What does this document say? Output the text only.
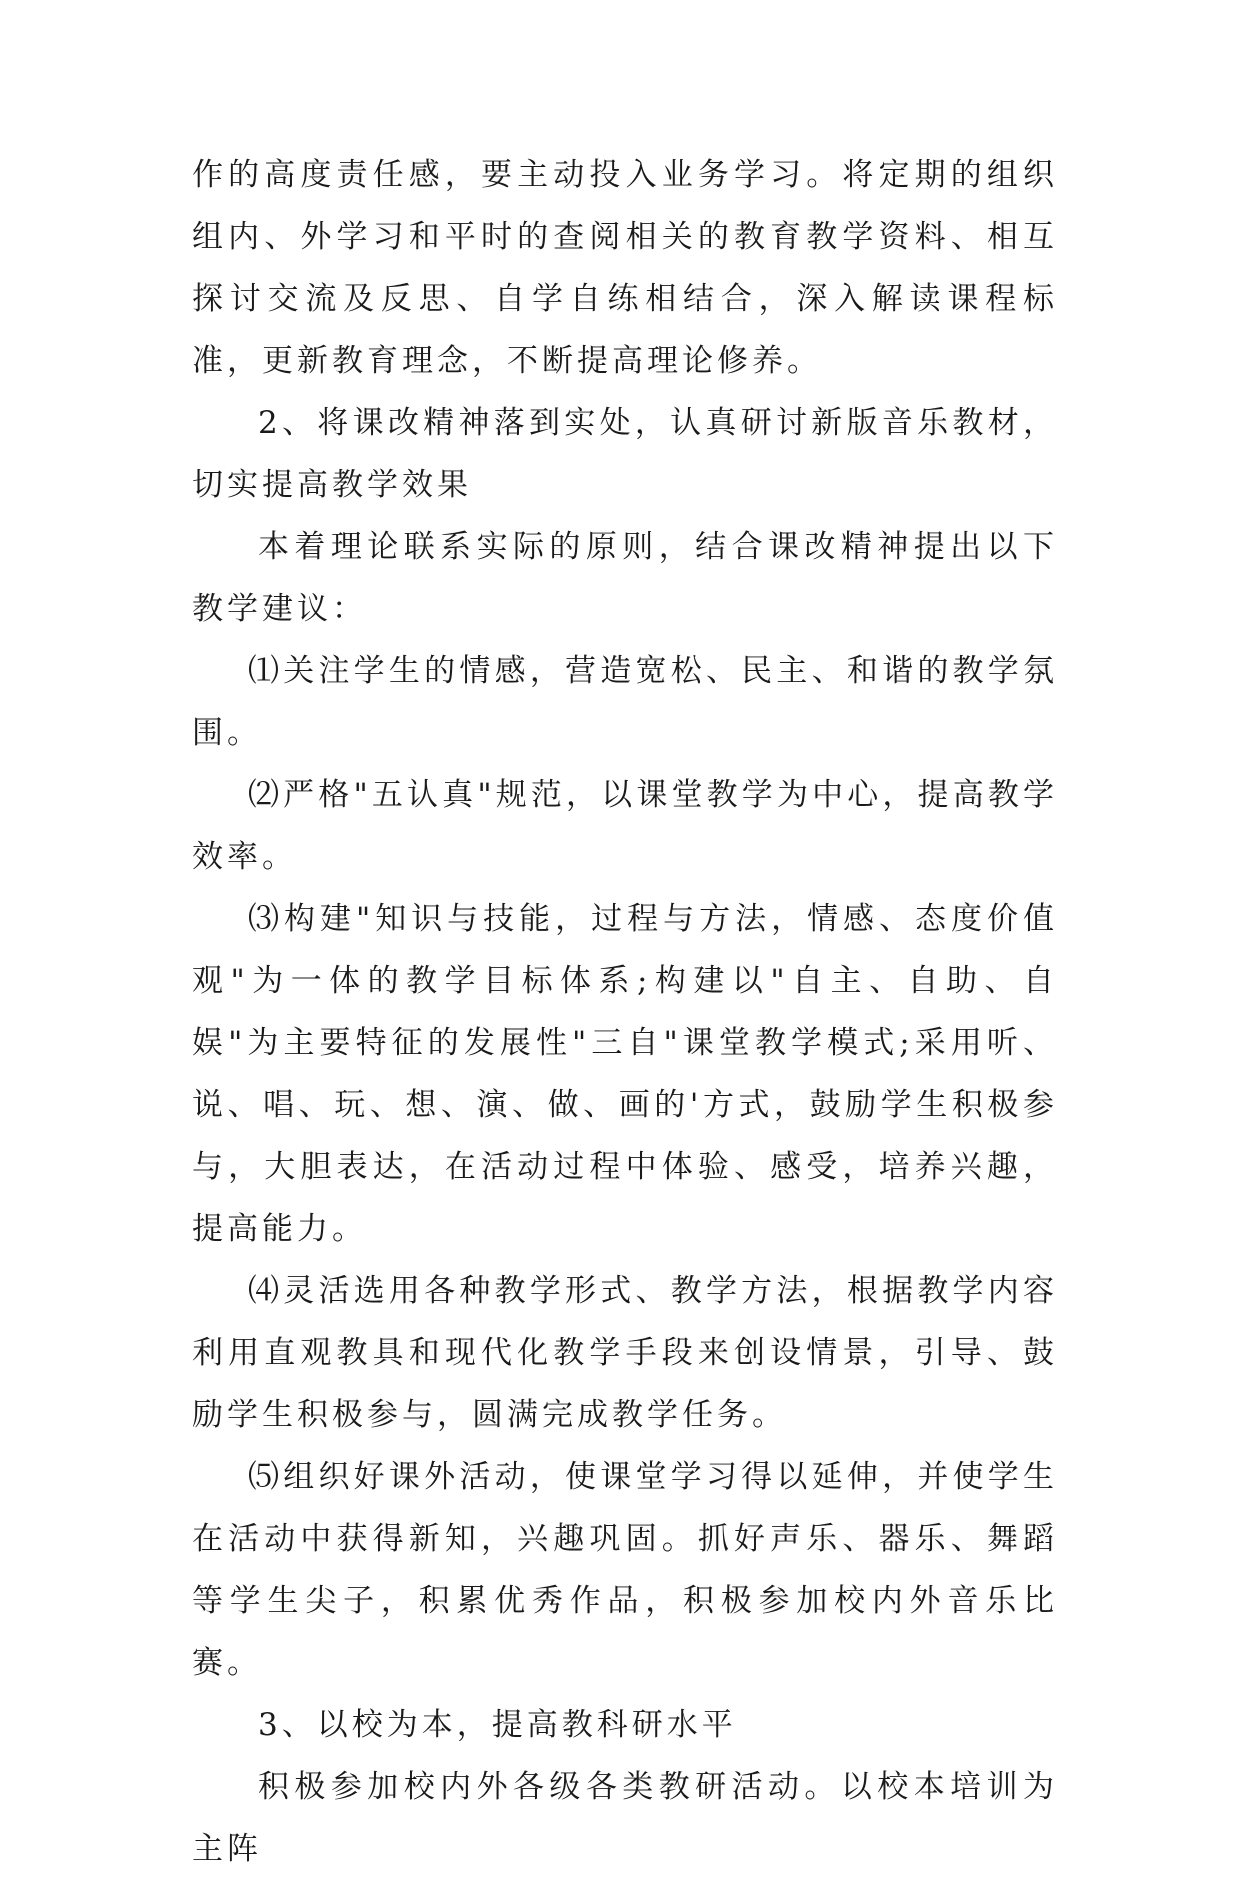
作的高度责任感，要主动投入业务学习。将定期的组织组内、外学习和平时的查阅相关的教育教学资料、相互探讨交流及反思、自学自练相结合，深入解读课程标准，更新教育理念，不断提高理论修养。

2、将课改精神落到实处，认真研讨新版音乐教材，切实提高教学效果

本着理论联系实际的原则，结合课改精神提出以下教学建议：

⑴关注学生的情感，营造宽松、民主、和谐的教学氛围。

⑵严格"五认真"规范，以课堂教学为中心，提高教学效率。

⑶构建"知识与技能，过程与方法，情感、态度价值观"为一体的教学目标体系;构建以"自主、自助、自娱"为主要特征的发展性"三自"课堂教学模式;采用听、说、唱、玩、想、演、做、画的'方式，鼓励学生积极参与，大胆表达，在活动过程中体验、感受，培养兴趣，提高能力。

⑷灵活选用各种教学形式、教学方法，根据教学内容利用直观教具和现代化教学手段来创设情景，引导、鼓励学生积极参与，圆满完成教学任务。

⑸组织好课外活动，使课堂学习得以延伸，并使学生在活动中获得新知，兴趣巩固。抓好声乐、器乐、舞蹈等学生尖子，积累优秀作品，积极参加校内外音乐比赛。

3、以校为本，提高教科研水平

积极参加校内外各级各类教研活动。以校本培训为主阵
